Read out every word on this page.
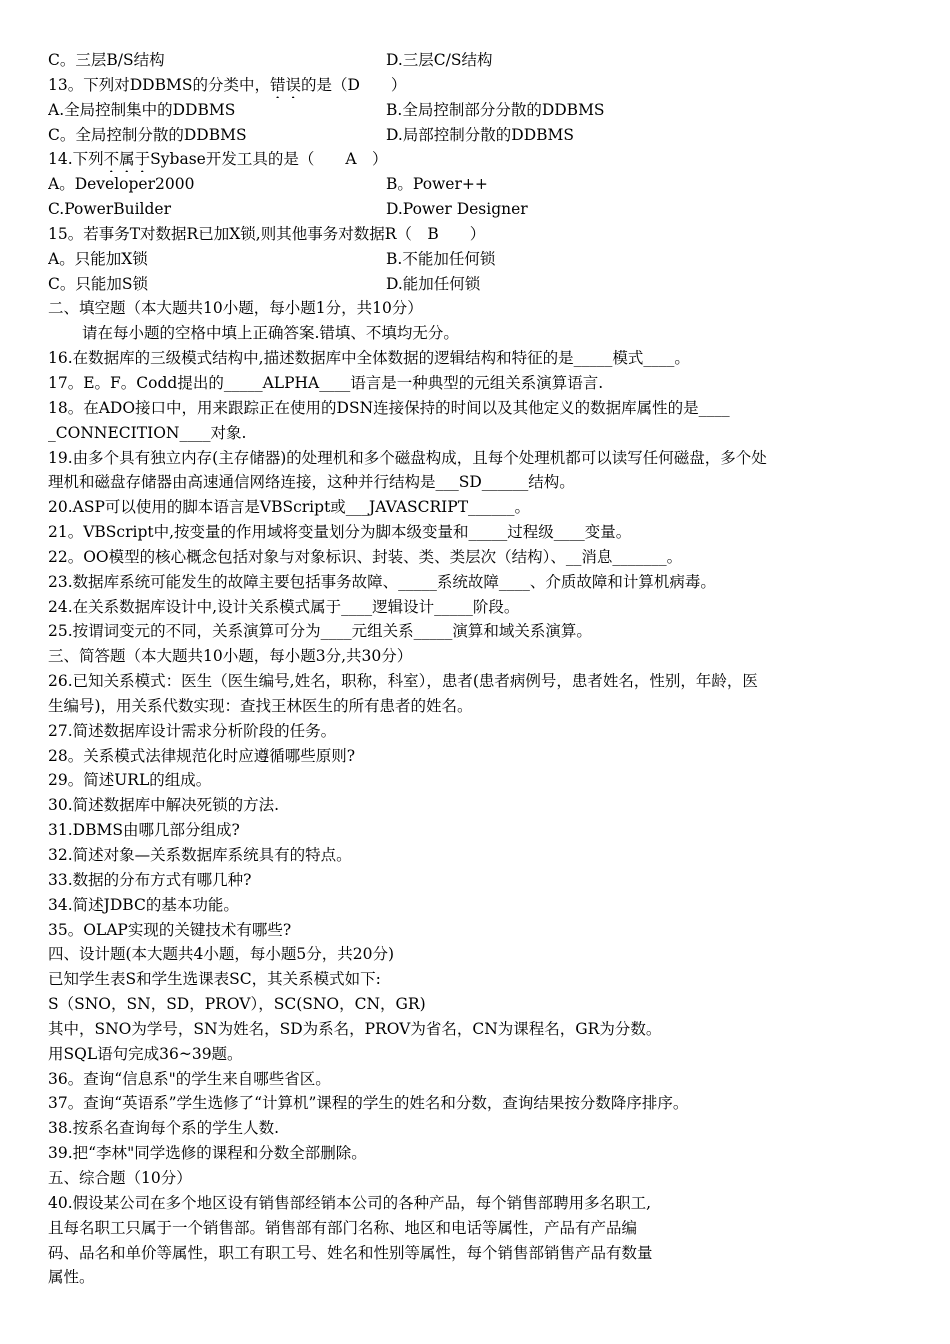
C。三层B/S结构	D.三层C/S结构
13。下列对DDBMS的分类中，错误的是（D　　）
A.全局控制集中的DDBMS	B.全局控制部分分散的DDBMS
C。全局控制分散的DDBMS	D.局部控制分散的DDBMS
14.下列不属于Sybase开发工具的是（　　A　）
A。Developer2000	B。Power++
C.PowerBuilder	D.Power Designer
15。若事务T对数据R已加X锁,则其他事务对数据R（　B　　）
A。只能加X锁	B.不能加任何锁
C。只能加S锁	D.能加任何锁
二、填空题（本大题共10小题，每小题1分，共10分）
请在每小题的空格中填上正确答案.错填、不填均无分。
16.在数据库的三级模式结构中,描述数据库中全体数据的逻辑结构和特征的是_____模式____。
17。E。F。Codd提出的_____ALPHA____语言是一种典型的元组关系演算语言.
18。在ADO接口中，用来跟踪正在使用的DSN连接保持的时间以及其他定义的数据库属性的是____
_CONNECITION____对象.
19.由多个具有独立内存(主存储器)的处理机和多个磁盘构成，且每个处理机都可以读写任何磁盘，多个处
理机和磁盘存储器由高速通信网络连接，这种并行结构是___SD______结构。
20.ASP可以使用的脚本语言是VBScript或___JAVASCRIPT______。
21。VBScript中,按变量的作用域将变量划分为脚本级变量和_____过程级____变量。
22。OO模型的核心概念包括对象与对象标识、封装、类、类层次（结构）、__消息_______。
23.数据库系统可能发生的故障主要包括事务故障、_____系统故障____、介质故障和计算机病毒。
24.在关系数据库设计中,设计关系模式属于____逻辑设计_____阶段。
25.按谓词变元的不同，关系演算可分为____元组关系_____演算和域关系演算。
三、简答题（本大题共10小题，每小题3分,共30分）
26.已知关系模式：医生（医生编号,姓名，职称，科室），患者(患者病例号，患者姓名，性别，年龄，医
生编号)，用关系代数实现：查找王林医生的所有患者的姓名。
27.简述数据库设计需求分析阶段的任务。
28。关系模式法律规范化时应遵循哪些原则?
29。简述URL的组成。
30.简述数据库中解决死锁的方法.
31.DBMS由哪几部分组成?
32.简述对象—关系数据库系统具有的特点。
33.数据的分布方式有哪几种?
34.简述JDBC的基本功能。
35。OLAP实现的关键技术有哪些?
四、设计题(本大题共4小题，每小题5分，共20分)
已知学生表S和学生选课表SC，其关系模式如下:
S（SNO，SN，SD，PROV），SC(SNO，CN，GR)
其中，SNO为学号，SN为姓名，SD为系名，PROV为省名，CN为课程名，GR为分数。
用SQL语句完成36~39题。
36。查询“信息系"的学生来自哪些省区。
37。查询“英语系”学生选修了“计算机”课程的学生的姓名和分数，查询结果按分数降序排序。
38.按系名查询每个系的学生人数.
39.把“李林"同学选修的课程和分数全部删除。
五、综合题（10分）
40.假设某公司在多个地区设有销售部经销本公司的各种产品，每个销售部聘用多名职工,
且每名职工只属于一个销售部。销售部有部门名称、地区和电话等属性，产品有产品编
码、品名和单价等属性，职工有职工号、姓名和性别等属性，每个销售部销售产品有数量
属性。
